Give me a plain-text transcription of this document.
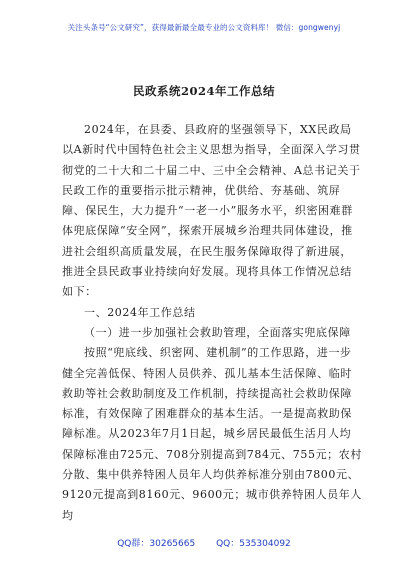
关注头条号“公文研究”，获得最新最全最专业的公文资料库！ 微信：gongwenyj
民政系统2024年工作总结

2024年，在县委、县政府的坚强领导下，XX民政局以A新时代中国特色社会主义思想为指导，全面深入学习贯彻党的二十大和二十届二中、三中全会精神、A总书记关于民政工作的重要指示批示精神，优供给、夯基础、筑屏障、保民生，大力提升“一老一小”服务水平，织密困难群体兜底保障“安全网”，探索开展城乡治理共同体建设，推进社会组织高质量发展，在民生服务保障取得了新进展，推进全县民政事业持续向好发展。现将具体工作情况总结如下：

一、2024年工作总结

（一）进一步加强社会救助管理，全面落实兜底保障

按照“兜底线、织密网、建机制”的工作思路，进一步健全完善低保、特困人员供养、孤儿基本生活保障、临时救助等社会救助制度及工作机制，持续提高社会救助保障标准，有效保障了困难群众的基本生活。一是提高救助保障标准。从2023年7月1日起，城乡居民最低生活月人均保障标准由725元、708分别提高到784元、755元；农村分散、集中供养特困人员年人均供养标准分别由7800元、9120元提高到8160元、9600元；城市供养特困人员年人均

QQ群：30265665 QQ：535304092
